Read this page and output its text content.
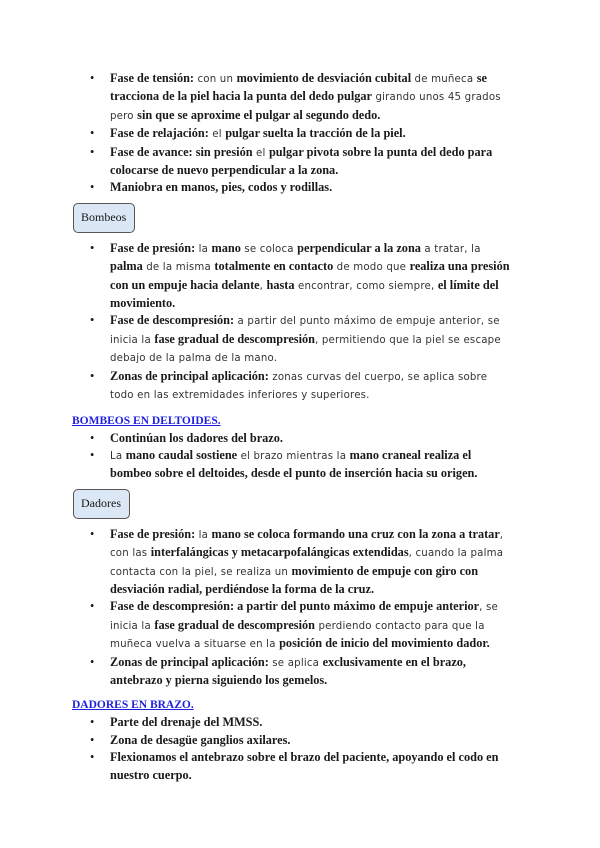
• Fase de tensión: con un movimiento de desviación cubital de muñeca se tracciona de la piel hacia la punta del dedo pulgar girando unos 45 grados pero sin que se aproxime el pulgar al segundo dedo.
• Fase de relajación: el pulgar suelta la tracción de la piel.
• Fase de avance: sin presión el pulgar pivota sobre la punta del dedo para colocarse de nuevo perpendicular a la zona.
• Maniobra en manos, pies, codos y rodillas.
Bombeos
• Fase de presión: la mano se coloca perpendicular a la zona a tratar, la palma de la misma totalmente en contacto de modo que realiza una presión con un empuje hacia delante, hasta encontrar, como siempre, el límite del movimiento.
• Fase de descompresión: a partir del punto máximo de empuje anterior, se inicia la fase gradual de descompresión, permitiendo que la piel se escape debajo de la palma de la mano.
• Zonas de principal aplicación: zonas curvas del cuerpo, se aplica sobre todo en las extremidades inferiores y superiores.
BOMBEOS EN DELTOIDES.
• Continúan los dadores del brazo.
• La mano caudal sostiene el brazo mientras la mano craneal realiza el bombeo sobre el deltoides, desde el punto de inserción hacia su origen.
Dadores
• Fase de presión: la mano se coloca formando una cruz con la zona a tratar, con las interfalángicas y metacarpofalángicas extendidas, cuando la palma contacta con la piel, se realiza un movimiento de empuje con giro con desviación radial, perdiéndose la forma de la cruz.
• Fase de descompresión: a partir del punto máximo de empuje anterior, se inicia la fase gradual de descompresión perdiendo contacto para que la muñeca vuelva a situarse en la posición de inicio del movimiento dador.
• Zonas de principal aplicación: se aplica exclusivamente en el brazo, antebrazo y pierna siguiendo los gemelos.
DADORES EN BRAZO.
• Parte del drenaje del MMSS.
• Zona de desagüe ganglios axilares.
• Flexionamos el antebrazo sobre el brazo del paciente, apoyando el codo en nuestro cuerpo.
